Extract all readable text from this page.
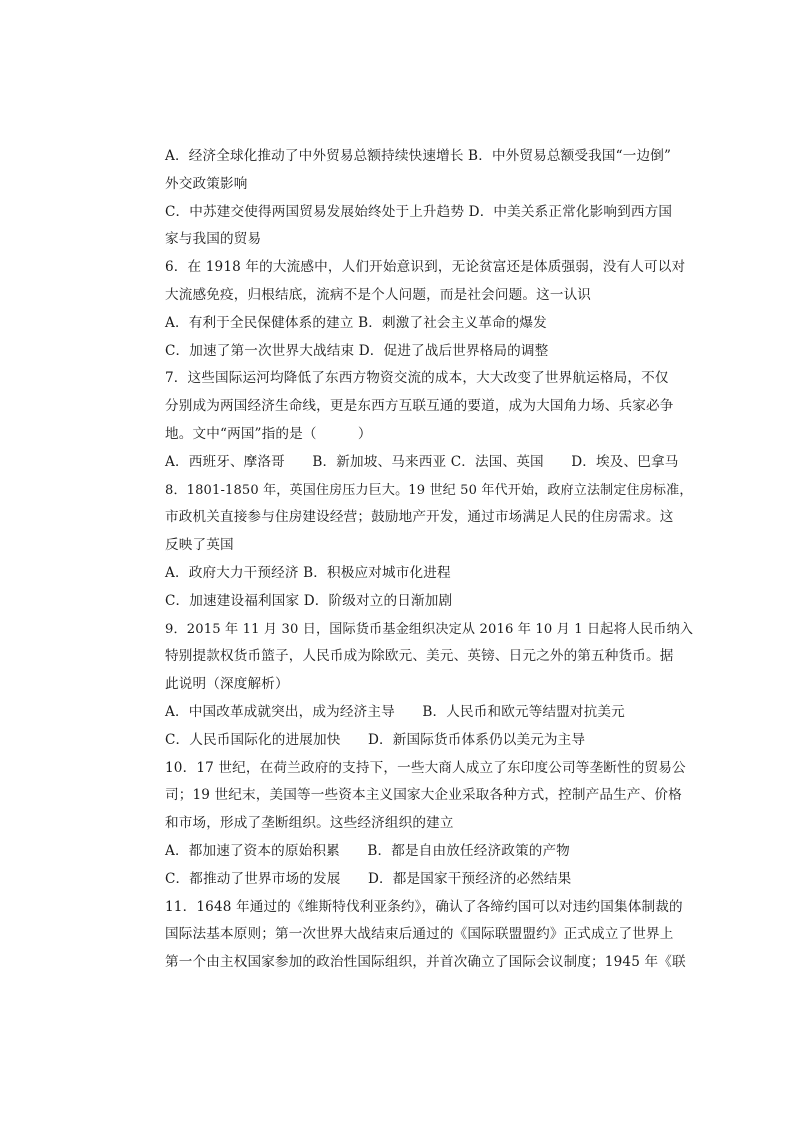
A．经济全球化推动了中外贸易总额持续快速增长 B．中外贸易总额受我国“一边倒”
外交政策影响
C．中苏建交使得两国贸易发展始终处于上升趋势 D．中美关系正常化影响到西方国
家与我国的贸易
6．在 1918 年的大流感中，人们开始意识到，无论贫富还是体质强弱，没有人可以对
大流感免疫，归根结底，流病不是个人问题，而是社会问题。这一认识
A．有利于全民保健体系的建立 B．刺激了社会主义革命的爆发
C．加速了第一次世界大战结束 D．促进了战后世界格局的调整
7．这些国际运河均降低了东西方物资交流的成本，大大改变了世界航运格局，不仅
分别成为两国经济生命线，更是东西方互联互通的要道，成为大国角力场、兵家必争
地。文中“两国”指的是（　　　）
A．西班牙、摩洛哥　　B．新加坡、马来西亚 C．法国、英国　　D．埃及、巴拿马
8．1801-1850 年，英国住房压力巨大。19 世纪 50 年代开始，政府立法制定住房标准，
市政机关直接参与住房建设经营；鼓励地产开发，通过市场满足人民的住房需求。这
反映了英国
A．政府大力干预经济 B．积极应对城市化进程
C．加速建设福利国家 D．阶级对立的日渐加剧
9．2015 年 11 月 30 日，国际货币基金组织决定从 2016 年 10 月 1 日起将人民币纳入
特别提款权货币篮子，人民币成为除欧元、美元、英镑、日元之外的第五种货币。据
此说明（深度解析）
A．中国改革成就突出，成为经济主导　　B．人民币和欧元等结盟对抗美元
C．人民币国际化的进展加快　　D．新国际货币体系仍以美元为主导
10．17 世纪，在荷兰政府的支持下，一些大商人成立了东印度公司等垄断性的贸易公
司；19 世纪末，美国等一些资本主义国家大企业采取各种方式，控制产品生产、价格
和市场，形成了垄断组织。这些经济组织的建立
A．都加速了资本的原始积累　　B．都是自由放任经济政策的产物
C．都推动了世界市场的发展　　D．都是国家干预经济的必然结果
11．1648 年通过的《维斯特伐利亚条约》，确认了各缔约国可以对违约国集体制裁的
国际法基本原则；第一次世界大战结束后通过的《国际联盟盟约》正式成立了世界上
第一个由主权国家参加的政治性国际组织，并首次确立了国际会议制度；1945 年《联
